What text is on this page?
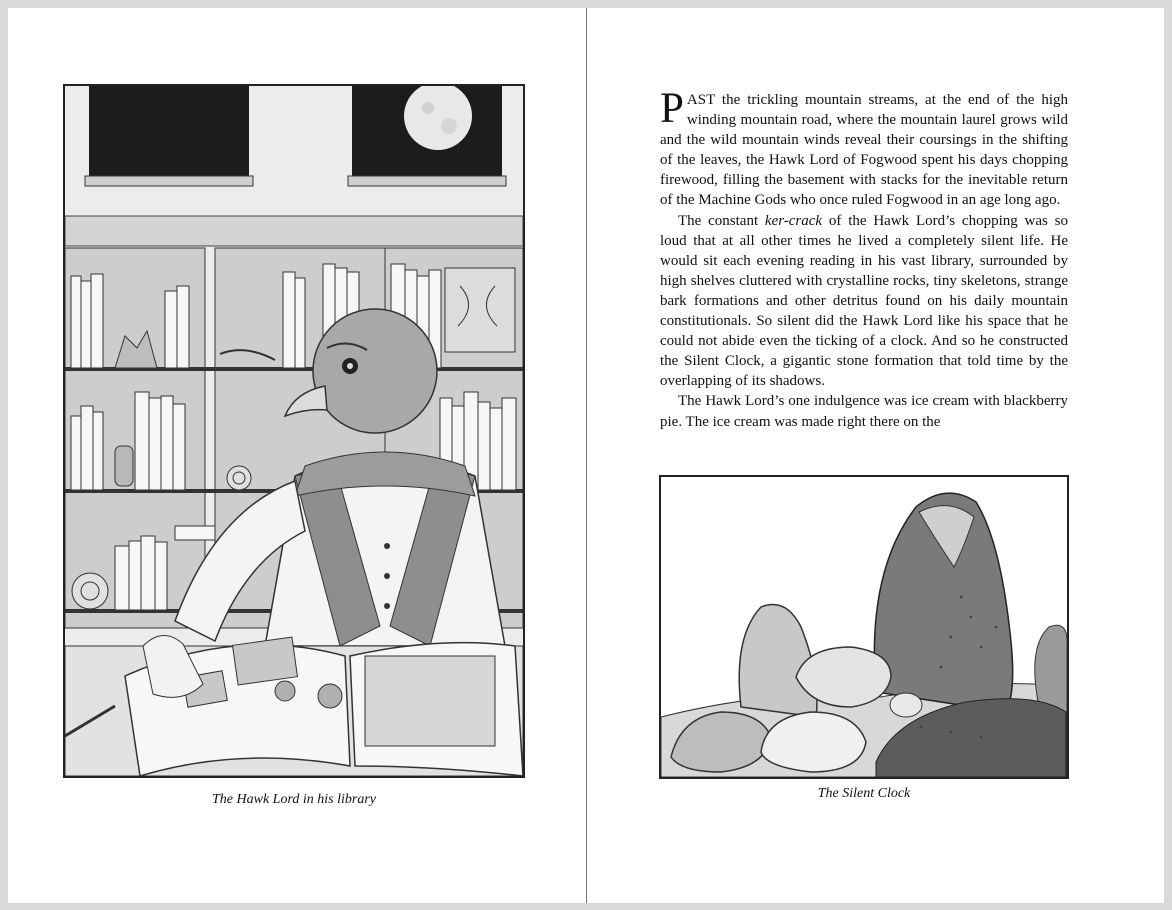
The Hawk Lord in his library

PAST the trickling mountain streams, at the end of the high winding mountain road, where the mountain laurel grows wild and the wild mountain winds reveal their coursings in the shifting of the leaves, the Hawk Lord of Fogwood spent his days chopping firewood, filling the basement with stacks for the inevitable return of the Machine Gods who once ruled Fogwood in an age long ago.

The constant ker-crack of the Hawk Lord’s chopping was so loud that at all other times he lived a completely silent life. He would sit each evening reading in his vast library, surrounded by high shelves cluttered with crystalline rocks, tiny skeletons, strange bark formations and other detritus found on his daily mountain constitutionals. So silent did the Hawk Lord like his space that he could not abide even the ticking of a clock. And so he constructed the Silent Clock, a gigantic stone formation that told time by the overlapping of its shadows.

The Hawk Lord’s one indulgence was ice cream with blackberry pie. The ice cream was made right there on the

The Silent Clock
